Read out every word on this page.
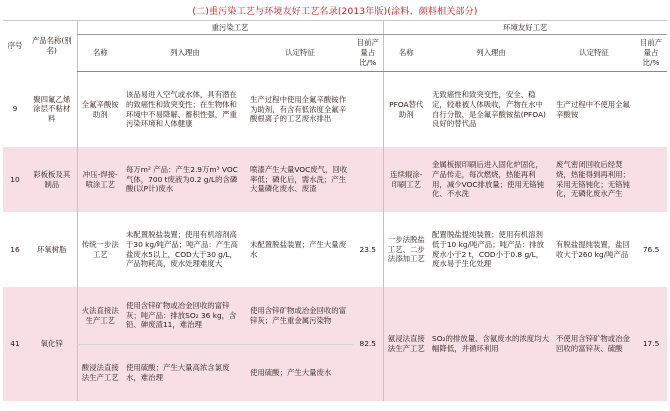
(二)重污染工艺与环境友好工艺名录(2013年版)(涂料、颜料相关部分)
序号	产品名称(别名)	重污染工艺				环境友好工艺			
		名称	列入理由	认定特征	目前产量占比/%	名称	列入理由	认定特征	目前产量占比/%
9	聚四氟乙烯涂层不粘材料	全氟辛酸铵助剂	该品易进入空气或水体，具有潜在的致癌性和致突变性；在生物体和环境中不易降解、蓄积性强，严重污染环境和人体健康	生产过程中使用全氟辛酸铵作为助剂，有含有低浓度全氟辛酸根离子的工艺废水排出		PFOA替代助剂	无致癌性和致突变性，安全、稳定，较难被人体吸收，产物在水中自行分散，是全氟辛酸铵盐(PFOA)良好的替代品	生产过程中不使用全氟辛酸铵	
10	彩板板及其制品	冲压-焊接-喷涂工艺	每万m² 产品：产生2.9万m³ VOC气体，700 t废液为0.2 g/L的含磷酸(以P计)废水	喷漆产生大量VOC废气，回收率低；磷化后，需水洗；产生大量磷化废水、废渣		连续辊涂-印刷工艺	金属板振印刷后进入固化炉固化，产品传走，每次燃烧，热能再利用，减少VOC排放量；使用无铬钝化、不水洗	废气密闭回收后经焚烧，热能得到再利用；采用无铬钝化；无铬钝化，无磷化废水产生	
16	环氧树脂	传统一步法工艺	未配置脱盐装置；使用有机溶剂高于30 kg/吨产品；吨产品：产生高盐废水5以上，COD大于30 g/L，产品物耗高，废水处理难度大	未配置脱盐装置；产生大量废水	23.5	一步法脱盐工艺、二步法添加工艺	配置脱盐提纯装置；使用有机溶剂低于10 kg/吨产品；吨产品：排放废水小于2 t，COD小于0.8 g/L，废水易于生化处理	有脱盐提纯装置，盐回收大于260 kg/吨产品	76.5
41	氧化锌	火法直接法生产工艺	使用含锌矿物或冶金回收的富锌灰；吨产品：排放SO₂ 36 kg，含铅、砷废渣11，难治理	使用含锌矿物或冶金回收的富锌灰；产生重金属污染物	82.5	氨浸法直接法生产工艺	SO₂的排放量、含氨废水的浓度均大幅降低，并循环利用	不使用含锌矿物或冶金回收的富锌灰、硫酸	17.5
		酸浸法直接法生产工艺	使用硫酸；产生大量高浓含氯废水，难治理	使用硫酸；产生大量废水					
